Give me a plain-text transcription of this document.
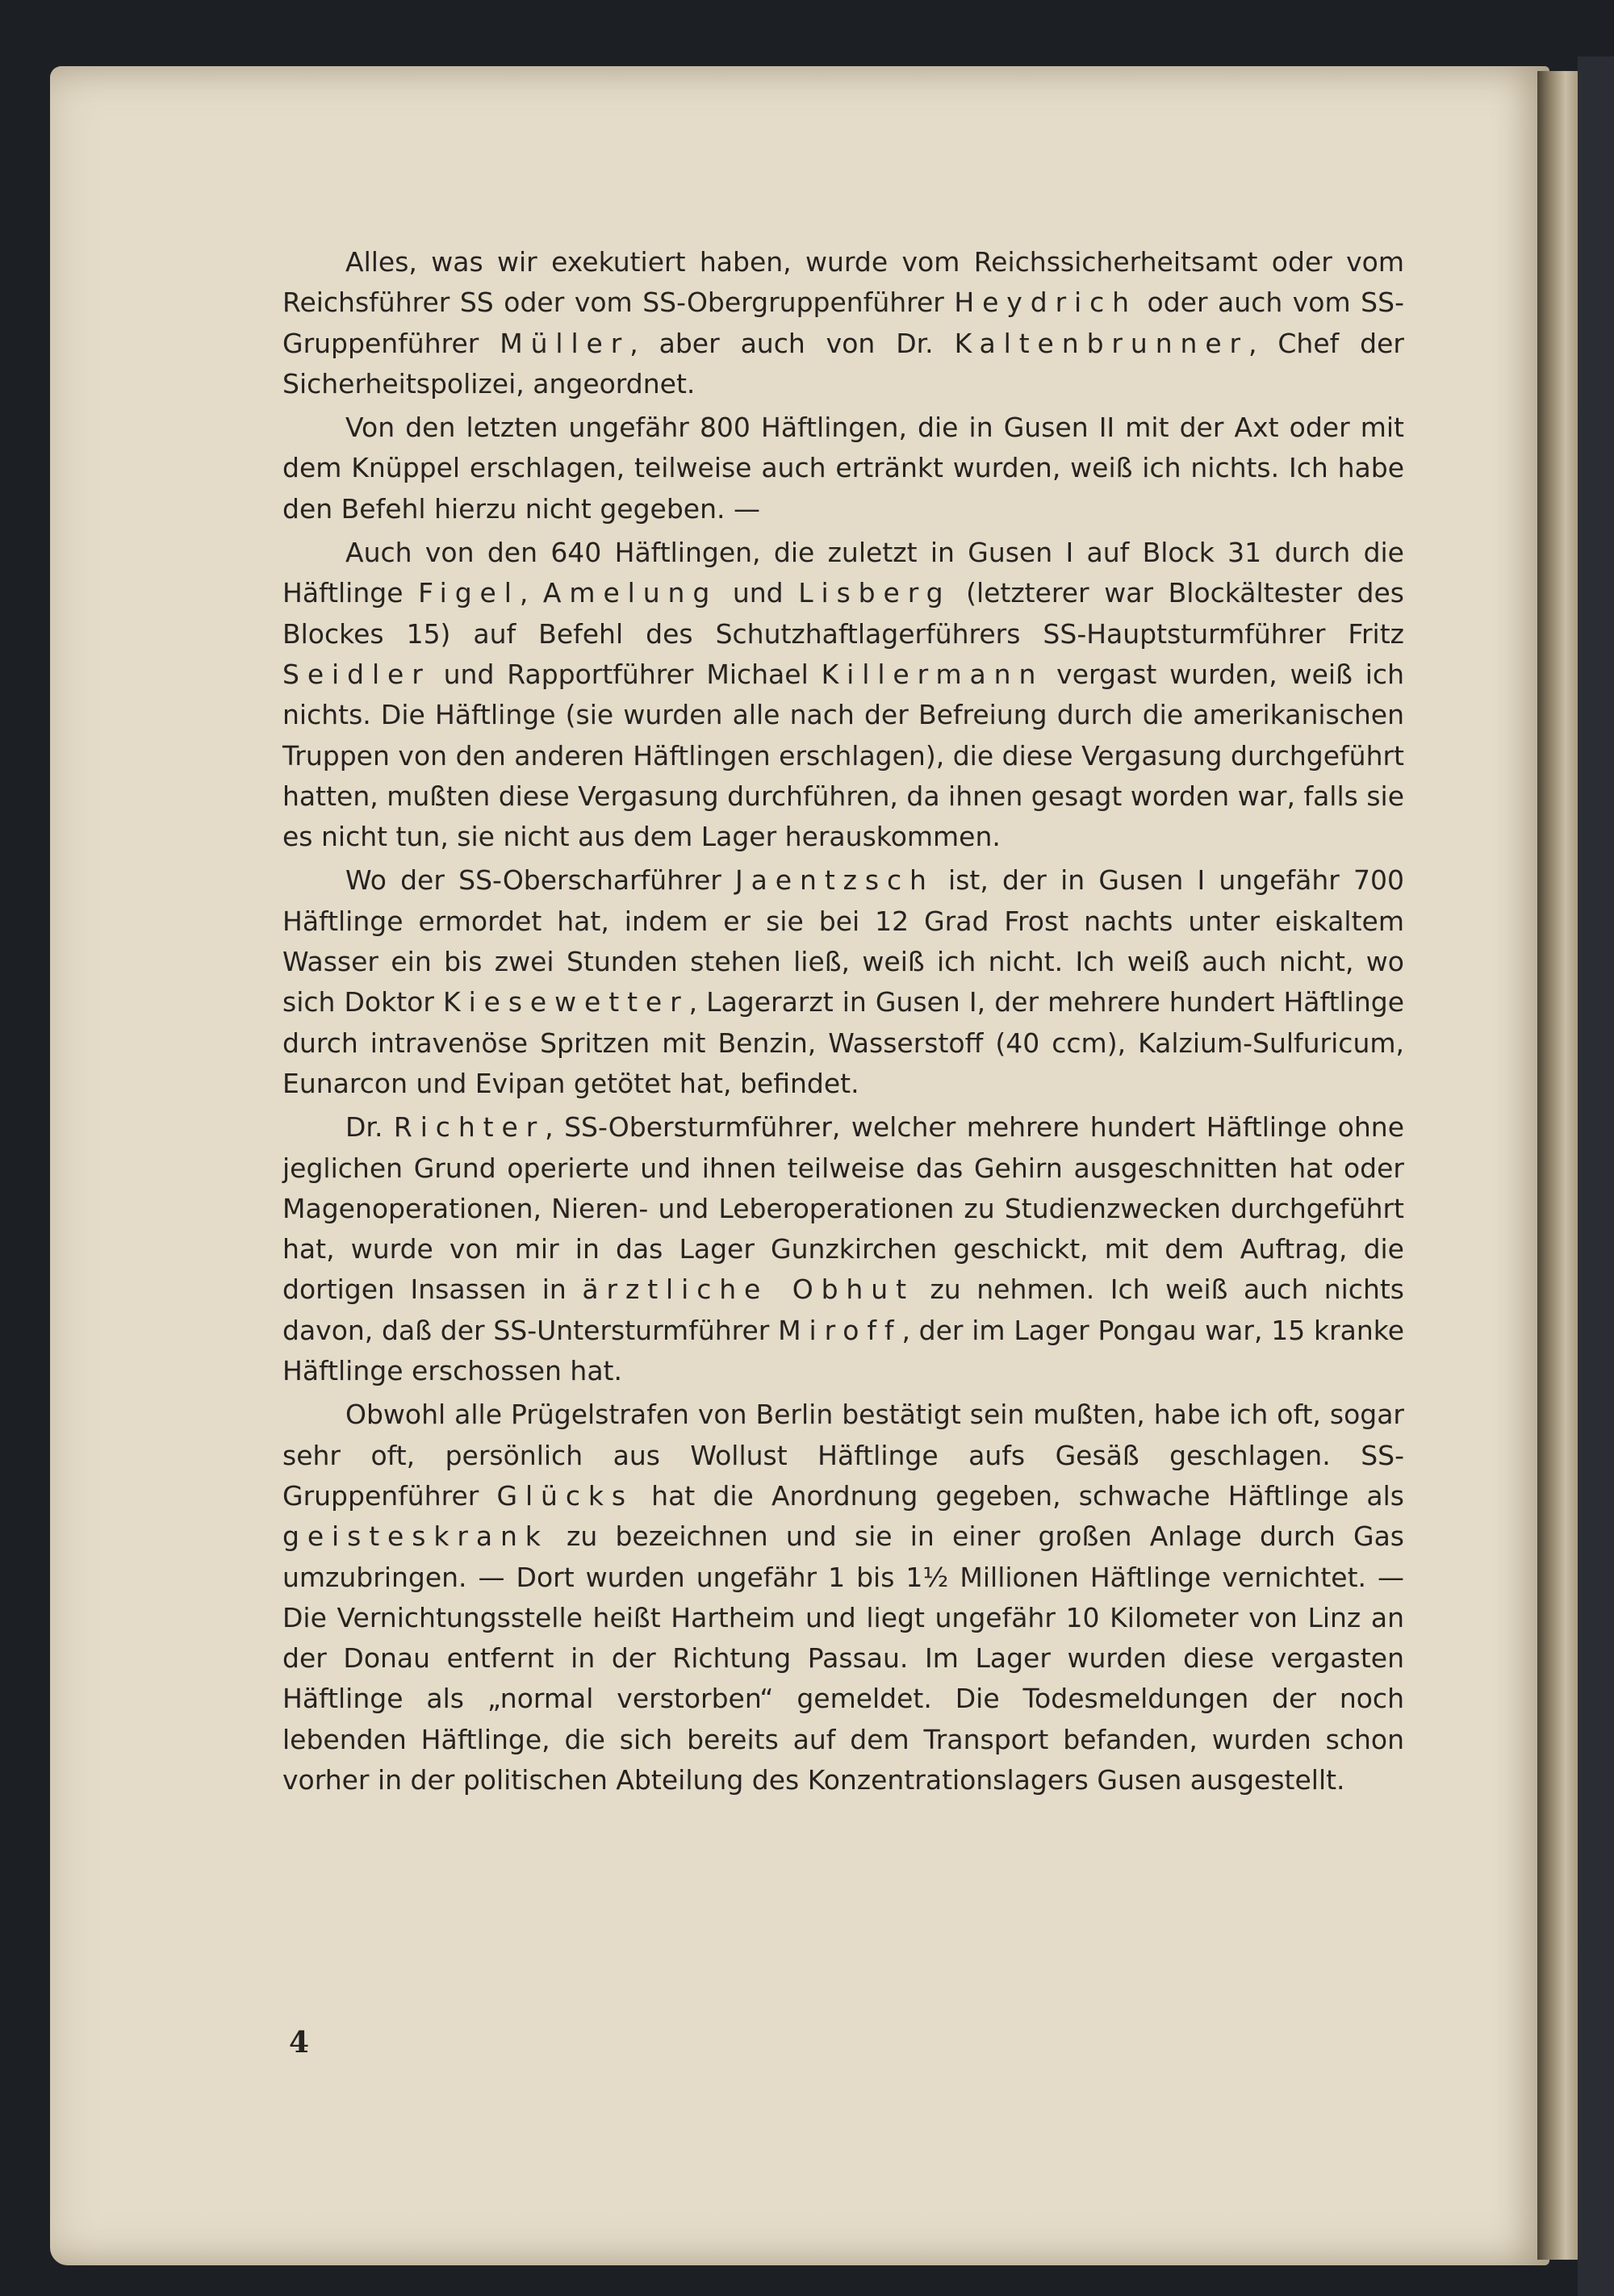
Alles, was wir exekutiert haben, wurde vom Reichssicherheitsamt oder vom Reichsführer SS oder vom SS-Obergruppenführer Heydrich oder auch vom SS-Gruppenführer Müller, aber auch von Dr. Kaltenbrunner, Chef der Sicherheitspolizei, angeordnet.

Von den letzten ungefähr 800 Häftlingen, die in Gusen II mit der Axt oder mit dem Knüppel erschlagen, teilweise auch ertränkt wurden, weiß ich nichts. Ich habe den Befehl hierzu nicht gegeben. —

Auch von den 640 Häftlingen, die zuletzt in Gusen I auf Block 31 durch die Häftlinge Figel, Amelung und Lisberg (letzterer war Blockältester des Blockes 15) auf Befehl des Schutzhaftlagerführers SS-Hauptsturmführer Fritz Seidler und Rapportführer Michael Killermann vergast wurden, weiß ich nichts. Die Häftlinge (sie wurden alle nach der Befreiung durch die amerikanischen Truppen von den anderen Häftlingen erschlagen), die diese Vergasung durchgeführt hatten, mußten diese Vergasung durchführen, da ihnen gesagt worden war, falls sie es nicht tun, sie nicht aus dem Lager herauskommen.

Wo der SS-Oberscharführer Jaentzsch ist, der in Gusen I ungefähr 700 Häftlinge ermordet hat, indem er sie bei 12 Grad Frost nachts unter eiskaltem Wasser ein bis zwei Stunden stehen ließ, weiß ich nicht. Ich weiß auch nicht, wo sich Doktor Kiesewetter, Lagerarzt in Gusen I, der mehrere hundert Häftlinge durch intravenöse Spritzen mit Benzin, Wasserstoff (40 ccm), Kalzium-Sulfuricum, Eunarcon und Evipan getötet hat, befindet.

Dr. Richter, SS-Obersturmführer, welcher mehrere hundert Häftlinge ohne jeglichen Grund operierte und ihnen teilweise das Gehirn ausgeschnitten hat oder Magenoperationen, Nieren- und Leberoperationen zu Studienzwecken durchgeführt hat, wurde von mir in das Lager Gunzkirchen geschickt, mit dem Auftrag, die dortigen Insassen in ärztliche Obhut zu nehmen. Ich weiß auch nichts davon, daß der SS-Untersturmführer Miroff, der im Lager Pongau war, 15 kranke Häftlinge erschossen hat.

Obwohl alle Prügelstrafen von Berlin bestätigt sein mußten, habe ich oft, sogar sehr oft, persönlich aus Wollust Häftlinge aufs Gesäß geschlagen. SS-Gruppenführer Glücks hat die Anordnung gegeben, schwache Häftlinge als geisteskrank zu bezeichnen und sie in einer großen Anlage durch Gas umzubringen. — Dort wurden ungefähr 1 bis 1½ Millionen Häftlinge vernichtet. — Die Vernichtungsstelle heißt Hartheim und liegt ungefähr 10 Kilometer von Linz an der Donau entfernt in der Richtung Passau. Im Lager wurden diese vergasten Häftlinge als „normal verstorben“ gemeldet. Die Todesmeldungen der noch lebenden Häftlinge, die sich bereits auf dem Transport befanden, wurden schon vorher in der politischen Abteilung des Konzentrationslagers Gusen ausgestellt.

4
